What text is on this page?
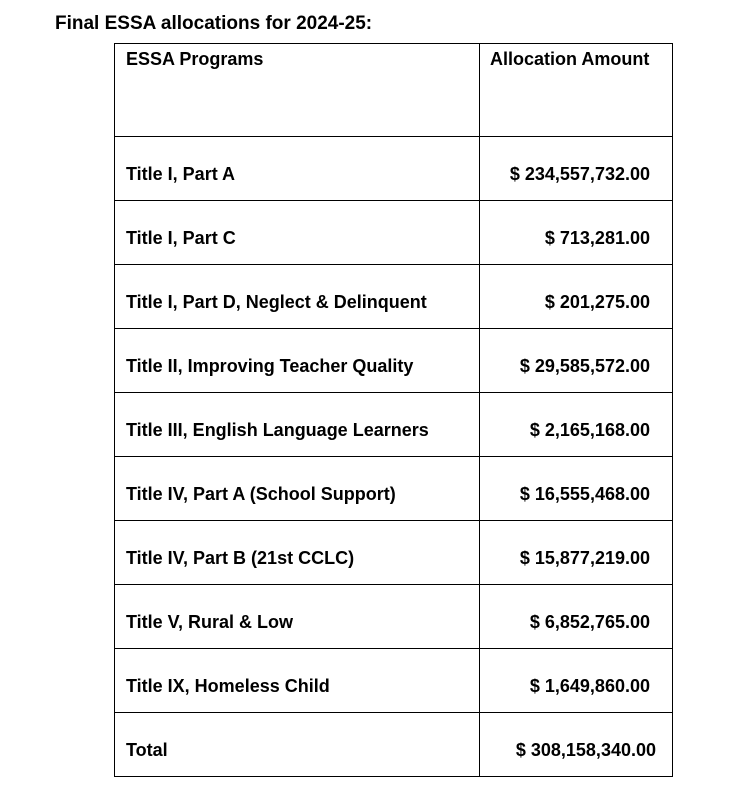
Final ESSA allocations for 2024-25:
ESSA Programs	Allocation Amount
Title I, Part A	$ 234,557,732.00
Title I, Part C	$ 713,281.00
Title I, Part D, Neglect & Delinquent	$ 201,275.00
Title II, Improving Teacher Quality	$ 29,585,572.00
Title III, English Language Learners	$ 2,165,168.00
Title IV, Part A (School Support)	$ 16,555,468.00
Title IV, Part B (21st CCLC)	$ 15,877,219.00
Title V, Rural & Low	$ 6,852,765.00
Title IX, Homeless Child	$ 1,649,860.00
Total	$ 308,158,340.00
